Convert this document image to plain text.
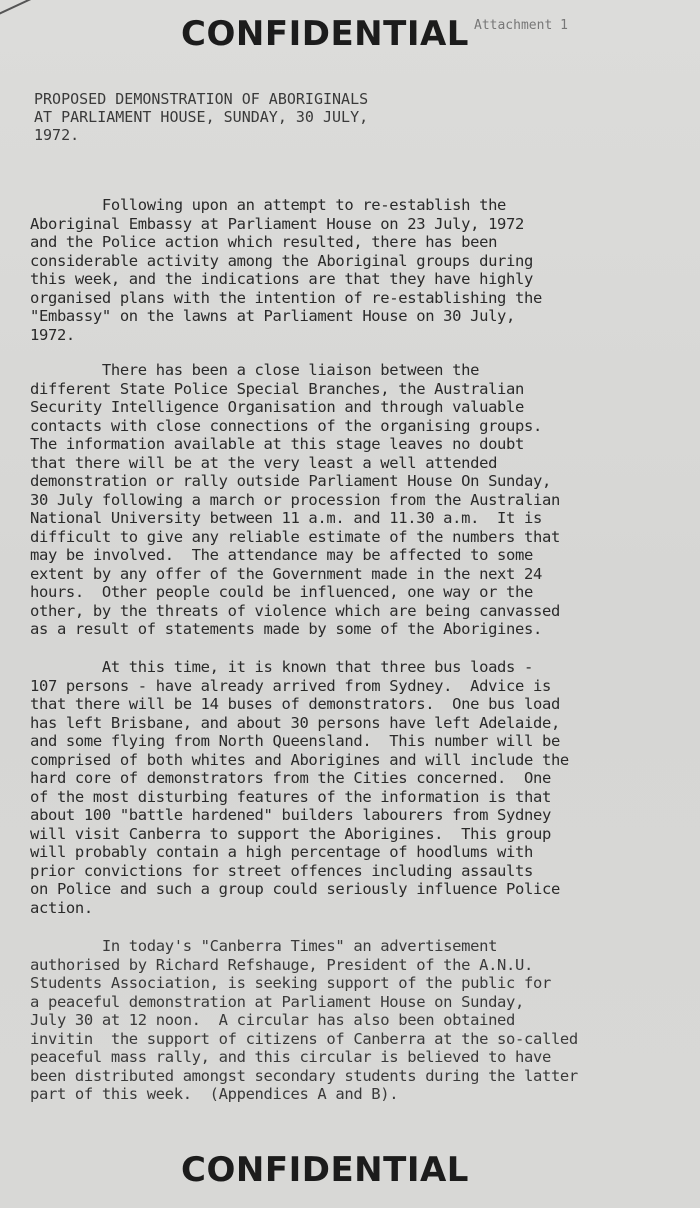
CONFIDENTIAL Attachment 1
PROPOSED DEMONSTRATION OF ABORIGINALS
AT PARLIAMENT HOUSE, SUNDAY, 30 JULY,
1972.
Following upon an attempt to re-establish the
Aboriginal Embassy at Parliament House on 23 July, 1972
and the Police action which resulted, there has been
considerable activity among the Aboriginal groups during
this week, and the indications are that they have highly
organised plans with the intention of re-establishing the
"Embassy" on the lawns at Parliament House on 30 July,
1972.
There has been a close liaison between the
different State Police Special Branches, the Australian
Security Intelligence Organisation and through valuable
contacts with close connections of the organising groups.
The information available at this stage leaves no doubt
that there will be at the very least a well attended
demonstration or rally outside Parliament House On Sunday,
30 July following a march or procession from the Australian
National University between 11 a.m. and 11.30 a.m.  It is
difficult to give any reliable estimate of the numbers that
may be involved.  The attendance may be affected to some
extent by any offer of the Government made in the next 24
hours.  Other people could be influenced, one way or the
other, by the threats of violence which are being canvassed
as a result of statements made by some of the Aborigines.
At this time, it is known that three bus loads -
107 persons - have already arrived from Sydney.  Advice is
that there will be 14 buses of demonstrators.  One bus load
has left Brisbane, and about 30 persons have left Adelaide,
and some flying from North Queensland.  This number will be
comprised of both whites and Aborigines and will include the
hard core of demonstrators from the Cities concerned.  One
of the most disturbing features of the information is that
about 100 "battle hardened" builders labourers from Sydney
will visit Canberra to support the Aborigines.  This group
will probably contain a high percentage of hoodlums with
prior convictions for street offences including assaults
on Police and such a group could seriously influence Police
action.
In today's "Canberra Times" an advertisement
authorised by Richard Refshauge, President of the A.N.U.
Students Association, is seeking support of the public for
a peaceful demonstration at Parliament House on Sunday,
July 30 at 12 noon.  A circular has also been obtained
invitin  the support of citizens of Canberra at the so-called
peaceful mass rally, and this circular is believed to have
been distributed amongst secondary students during the latter
part of this week.  (Appendices A and B).
CONFIDENTIAL
